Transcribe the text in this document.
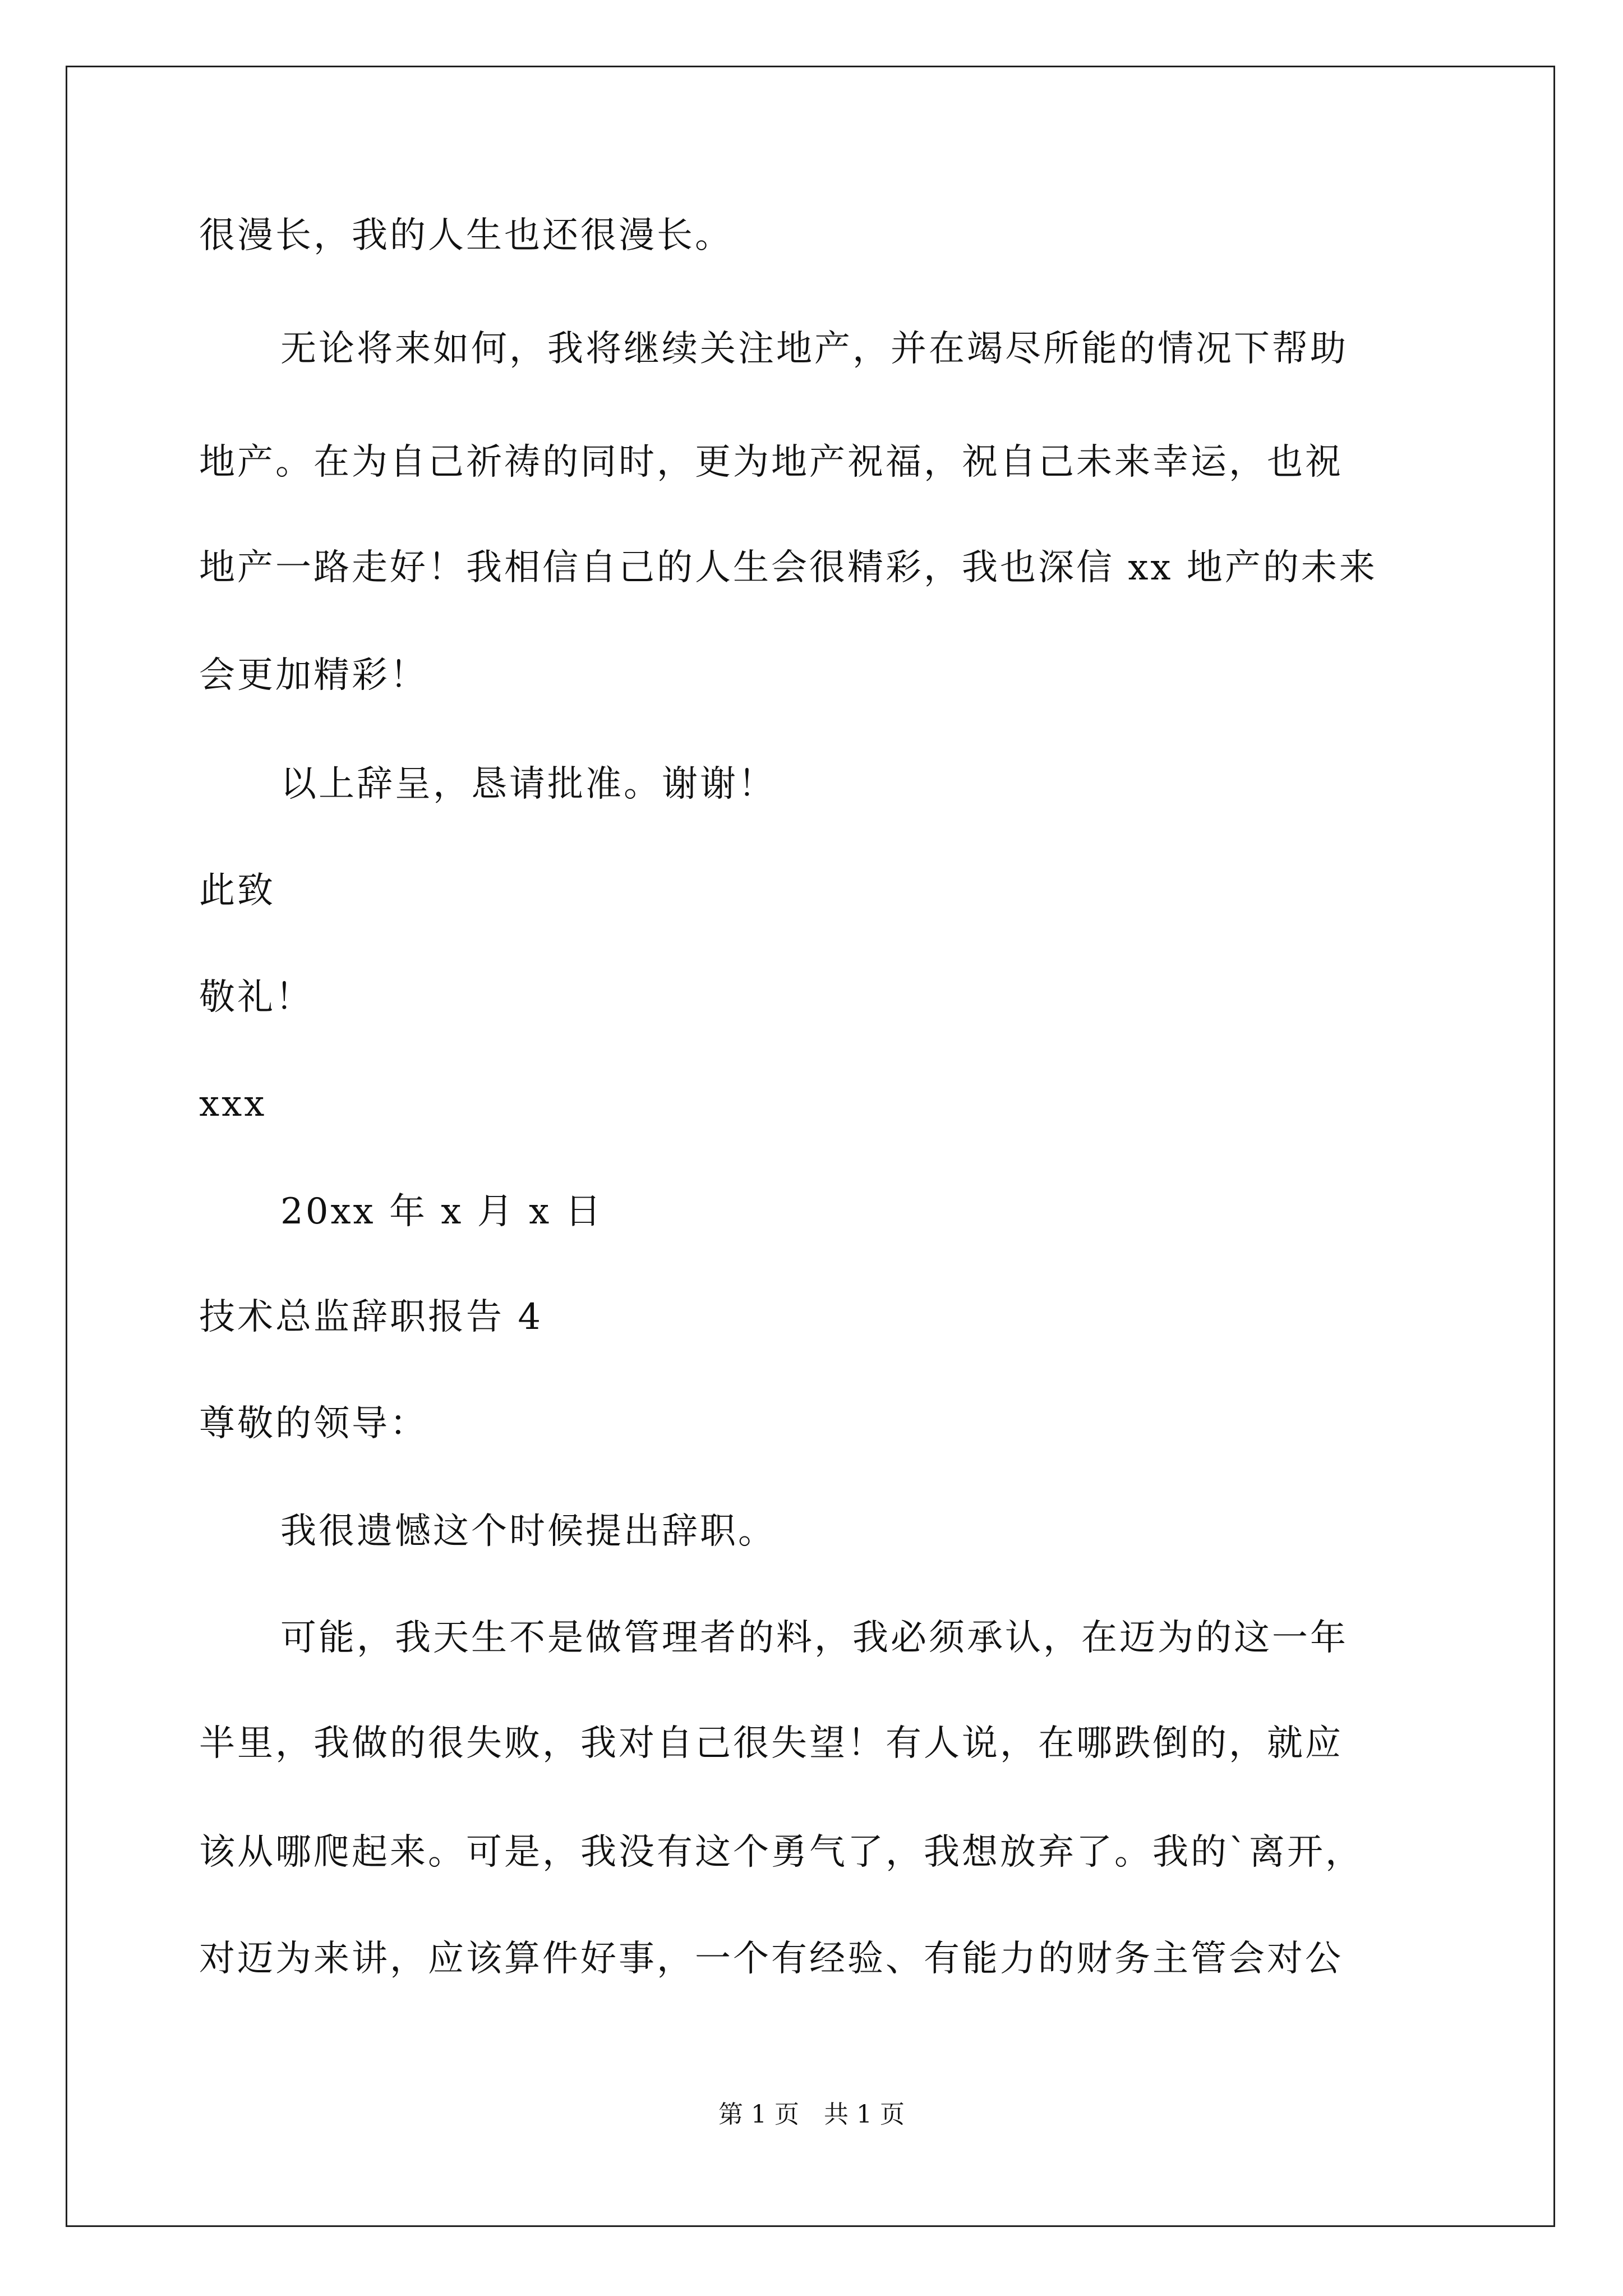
很漫长，我的人生也还很漫长。
无论将来如何，我将继续关注地产，并在竭尽所能的情况下帮助
地产。在为自己祈祷的同时，更为地产祝福，祝自己未来幸运，也祝
地产一路走好！我相信自己的人生会很精彩，我也深信 xx 地产的未来
会更加精彩！
以上辞呈，恳请批准。谢谢！
此致
敬礼！
xxx
20xx 年 x 月 x 日
技术总监辞职报告 4
尊敬的领导：
我很遗憾这个时候提出辞职。
可能，我天生不是做管理者的料，我必须承认，在迈为的这一年
半里，我做的很失败，我对自己很失望！有人说，在哪跌倒的，就应
该从哪爬起来。可是，我没有这个勇气了，我想放弃了。我的`离开，
对迈为来讲，应该算件好事，一个有经验、有能力的财务主管会对公
第 1 页　共 1 页
